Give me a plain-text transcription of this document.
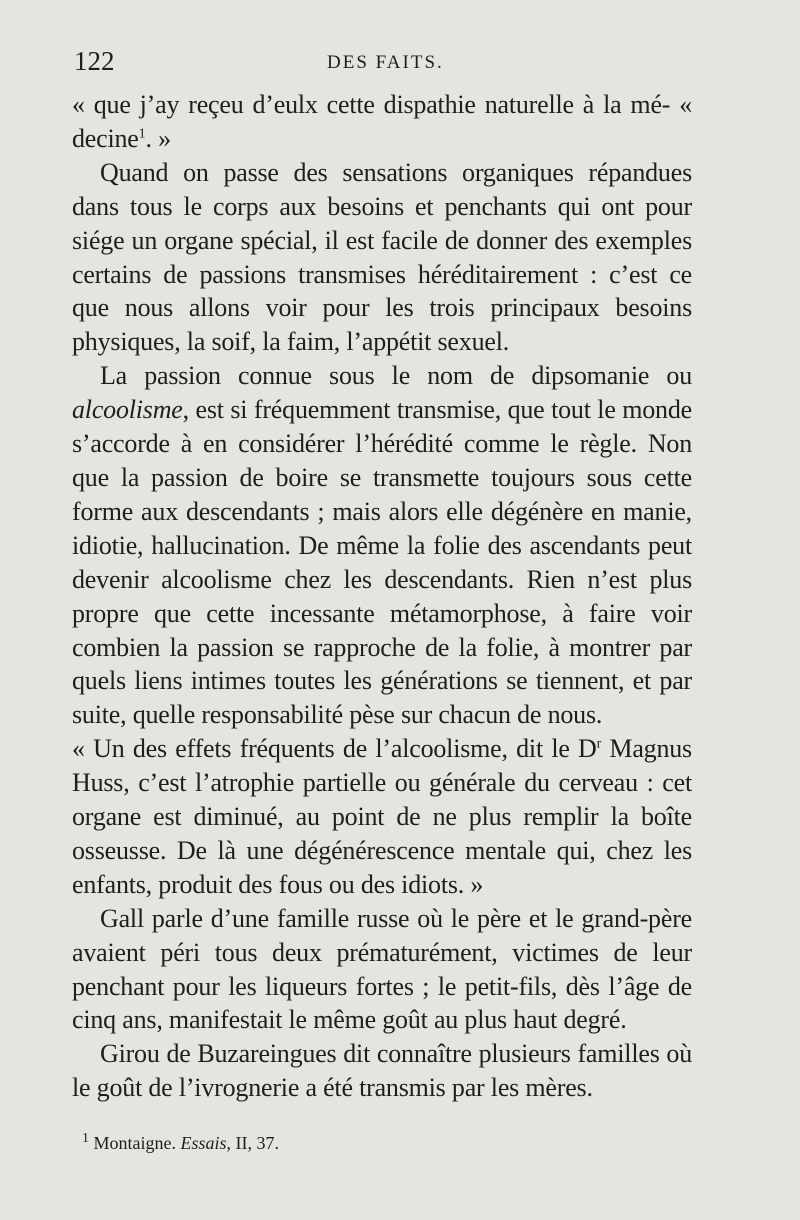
122	DES FAITS.

« que j’ay reçeu d’eulx cette dispathie naturelle à la mé- « decine$^1$. »

Quand on passe des sensations organiques répandues dans tous le corps aux besoins et penchants qui ont pour siége un organe spécial, il est facile de donner des exemples certains de passions transmises héréditairement : c’est ce que nous allons voir pour les trois principaux besoins physiques, la soif, la faim, l’appétit sexuel.

La passion connue sous le nom de dipsomanie ou alcoolisme, est si fréquemment transmise, que tout le monde s’accorde à en considérer l’hérédité comme le règle. Non que la passion de boire se transmette toujours sous cette forme aux descendants ; mais alors elle dégénère en manie, idiotie, hallucination. De même la folie des ascendants peut devenir alcoolisme chez les descendants. Rien n’est plus propre que cette incessante métamorphose, à faire voir combien la passion se rapproche de la folie, à montrer par quels liens intimes toutes les générations se tiennent, et par suite, quelle responsabilité pèse sur chacun de nous.

« Un des effets fréquents de l’alcoolisme, dit le $D^r$ Magnus Huss, c’est l’atrophie partielle ou générale du cerveau : cet organe est diminué, au point de ne plus remplir la boîte osseusse. De là une dégénérescence mentale qui, chez les enfants, produit des fous ou des idiots. »

Gall parle d’une famille russe où le père et le grand-père avaient péri tous deux prématurément, victimes de leur penchant pour les liqueurs fortes ; le petit-fils, dès l’âge de cinq ans, manifestait le même goût au plus haut degré.

Girou de Buzareingues dit connaître plusieurs familles où le goût de l’ivrognerie a été transmis par les mères.

$^1$ Montaigne. Essais, II, 37.
